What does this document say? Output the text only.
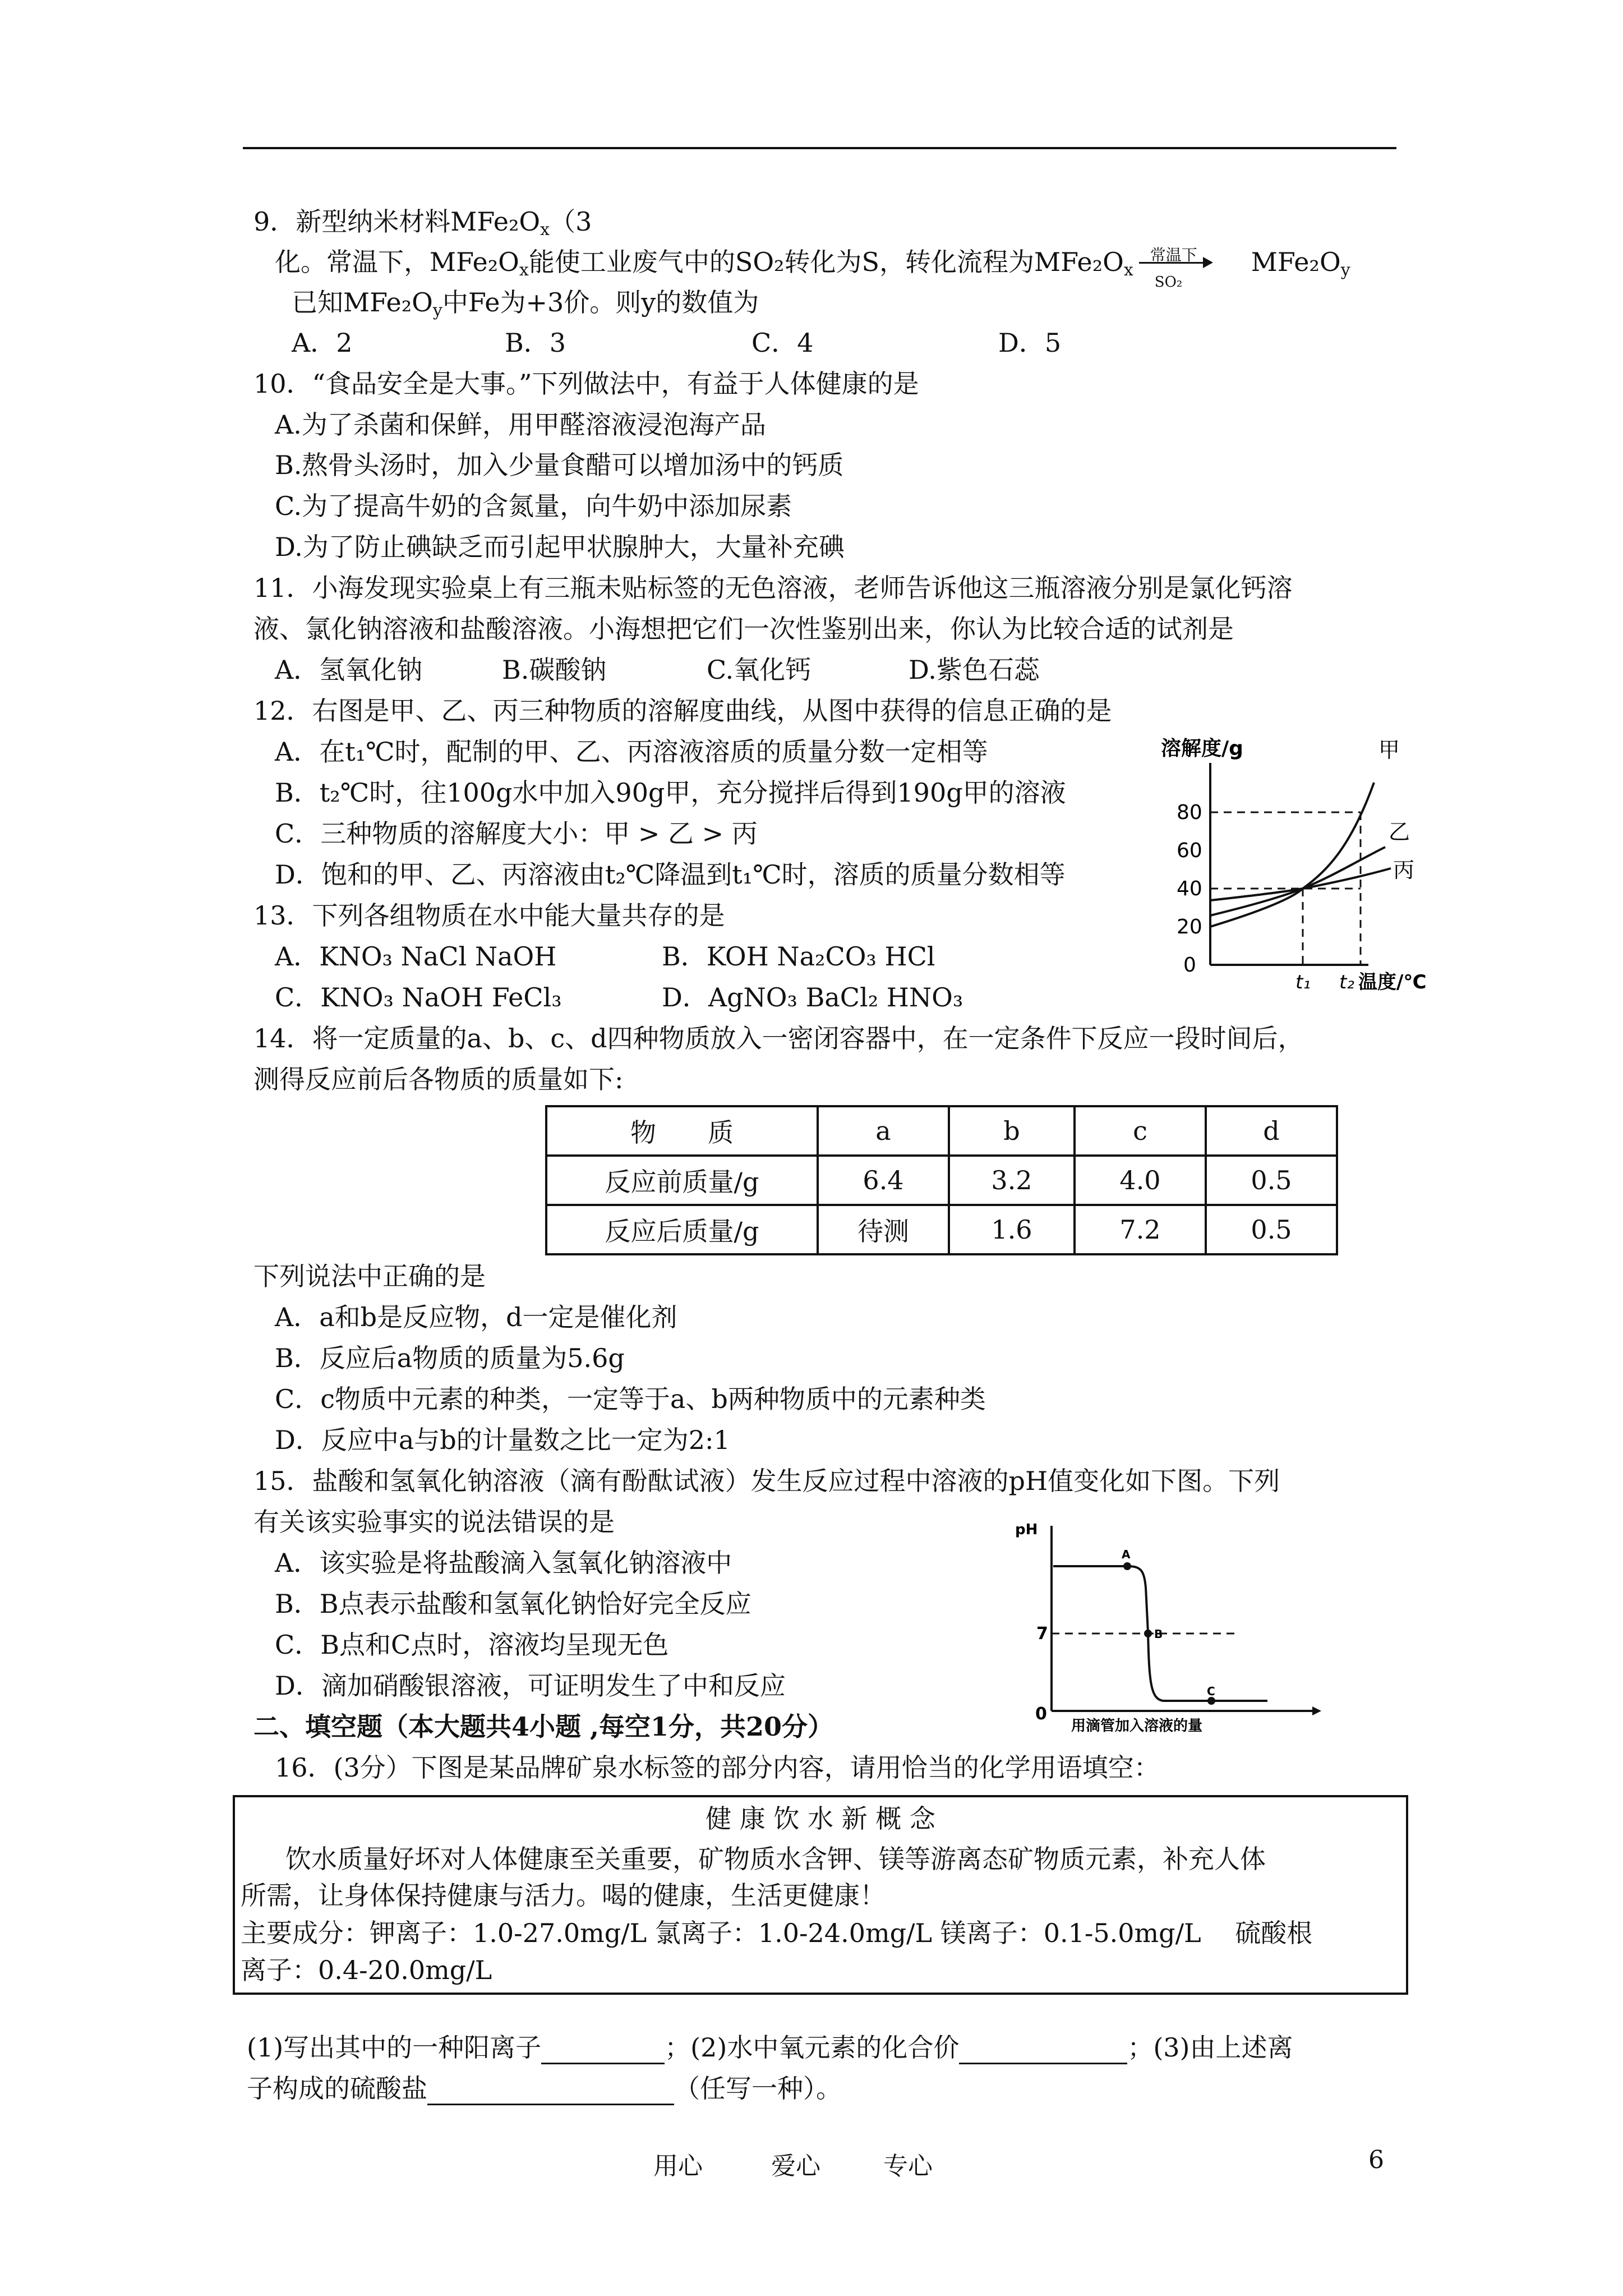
9．新型纳米材料$MFe_2O_x(3$
化。常温下，$MFe_2O_x$能使工业废气中的SO₂转化为S，转化流程为$MFe_2O_x$
常温下
SO₂
$MFe_2O_y$
已知$MFe_2O_y$中Fe为+3价。则y的数值为
A．2	B．3	C．4	D．5
10．“食品安全是大事。”下列做法中，有益于人体健康的是
A.为了杀菌和保鲜，用甲醛溶液浸泡海产品
B.熬骨头汤时，加入少量食醋可以增加汤中的钙质
C.为了提高牛奶的含氮量，向牛奶中添加尿素
D.为了防止碘缺乏而引起甲状腺肿大，大量补充碘
11．小海发现实验桌上有三瓶未贴标签的无色溶液，老师告诉他这三瓶溶液分别是氯化钙溶
液、氯化钠溶液和盐酸溶液。小海想把它们一次性鉴别出来，你认为比较合适的试剂是
A．氢氧化钠	B.碳酸钠	C.氧化钙	D.紫色石蕊
12．右图是甲、乙、丙三种物质的溶解度曲线，从图中获得的信息正确的是
A．在t₁℃时，配制的甲、乙、丙溶液溶质的质量分数一定相等
B．t₂℃时，往100g水中加入90g甲，充分搅拌后得到190g甲的溶液
C．三种物质的溶解度大小：甲 > 乙 > 丙
D．饱和的甲、乙、丙溶液由t₂℃降温到t₁℃时，溶质的质量分数相等
溶解度/g
80
60
40
20
0
甲
乙
丙
t₁ t₂ 温度/℃
13．下列各组物质在水中能大量共存的是
A．KNO₃ NaCl NaOH	B．KOH Na₂CO₃ HCl
C．KNO₃ NaOH FeCl₃	D．AgNO₃ BaCl₂ HNO₃
14．将一定质量的a、b、c、d四种物质放入一密闭容器中，在一定条件下反应一段时间后，
测得反应前后各物质的质量如下:
物　　质	a	b	c	d
反应前质量/g	6.4	3.2	4.0	0.5
反应后质量/g	待测	1.6	7.2	0.5
下列说法中正确的是
A．a和b是反应物，d一定是催化剂
B．反应后a物质的质量为5.6g
C．c物质中元素的种类，一定等于a、b两种物质中的元素种类
D．反应中a与b的计量数之比一定为2:1
15．盐酸和氢氧化钠溶液（滴有酚酞试液）发生反应过程中溶液的pH值变化如下图。下列
有关该实验事实的说法错误的是
A．该实验是将盐酸滴入氢氧化钠溶液中
B．B点表示盐酸和氢氧化钠恰好完全反应
C．B点和C点时，溶液均呈现无色
D．滴加硝酸银溶液，可证明发生了中和反应
pH
7
0
A
B
C
用滴管加入溶液的量
二、填空题（本大题共4小题 ,每空1分，共20分）
16．(3分）下图是某品牌矿泉水标签的部分内容，请用恰当的化学用语填空：
健 康 饮 水 新 概 念
饮水质量好坏对人体健康至关重要，矿物质水含钾、镁等游离态矿物质元素，补充人体
所需，让身体保持健康与活力。喝的健康，生活更健康！
主要成分：钾离子：1.0-27.0mg/L 氯离子：1.0-24.0mg/L 镁离子：0.1-5.0mg/L　 硫酸根
离子：0.4-20.0mg/L
(1)写出其中的一种阳离子	；(2)水中氧元素的化合价	；(3)由上述离
子构成的硫酸盐	（任写一种）。
用心	爱心	专心	6
